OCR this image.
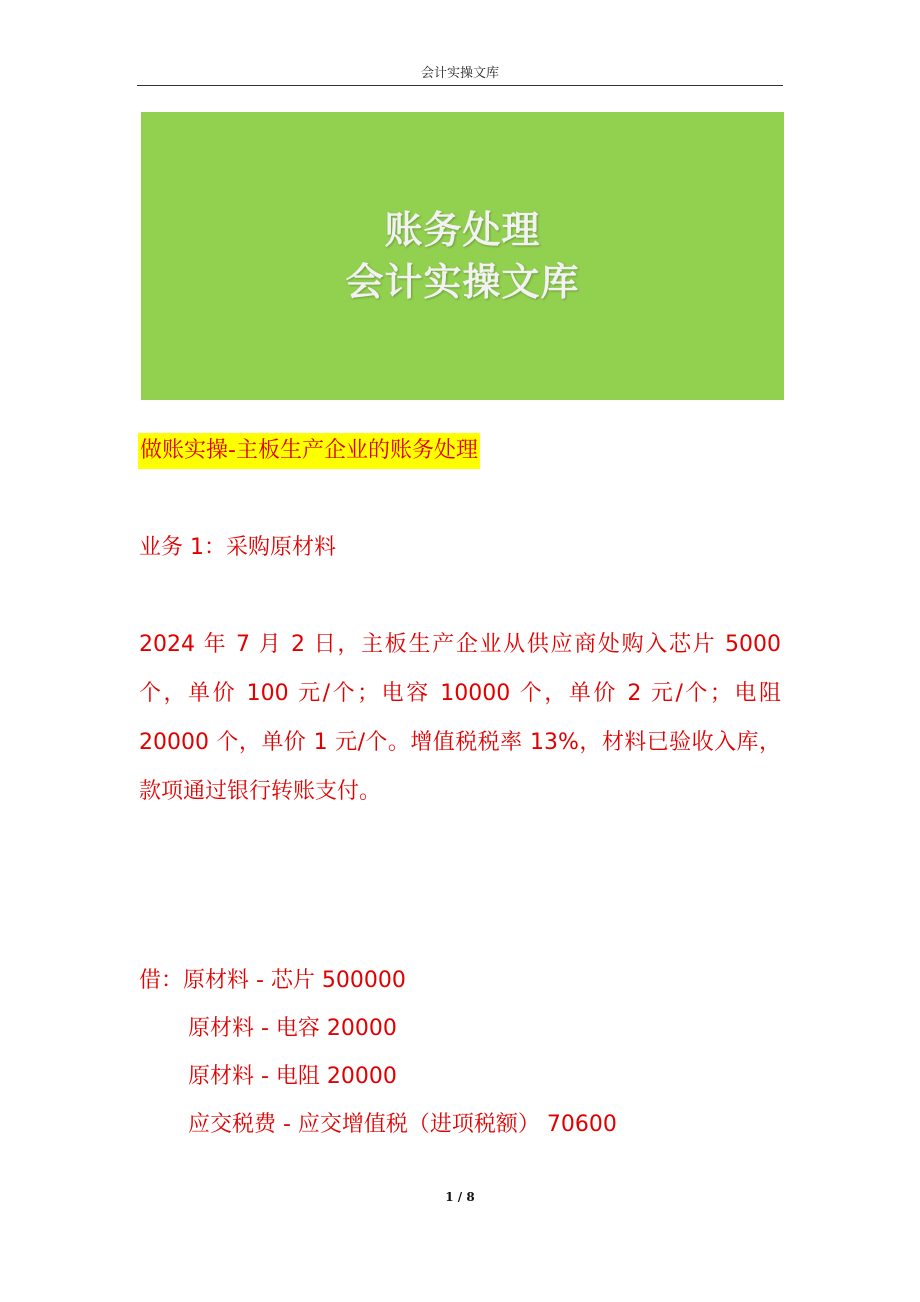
会计实操文库
账务处理
会计实操文库
做账实操-主板生产企业的账务处理
业务 1：采购原材料
2024 年 7 月 2 日，主板生产企业从供应商处购入芯片 5000 个，单价 100 元/个；电容 10000 个，单价 2 元/个；电阻 20000 个，单价 1 元/个。增值税税率 13%，材料已验收入库，款项通过银行转账支付。
借：原材料 - 芯片 500000
原材料 - 电容 20000
原材料 - 电阻 20000
应交税费 - 应交增值税（进项税额） 70600
1 / 8
